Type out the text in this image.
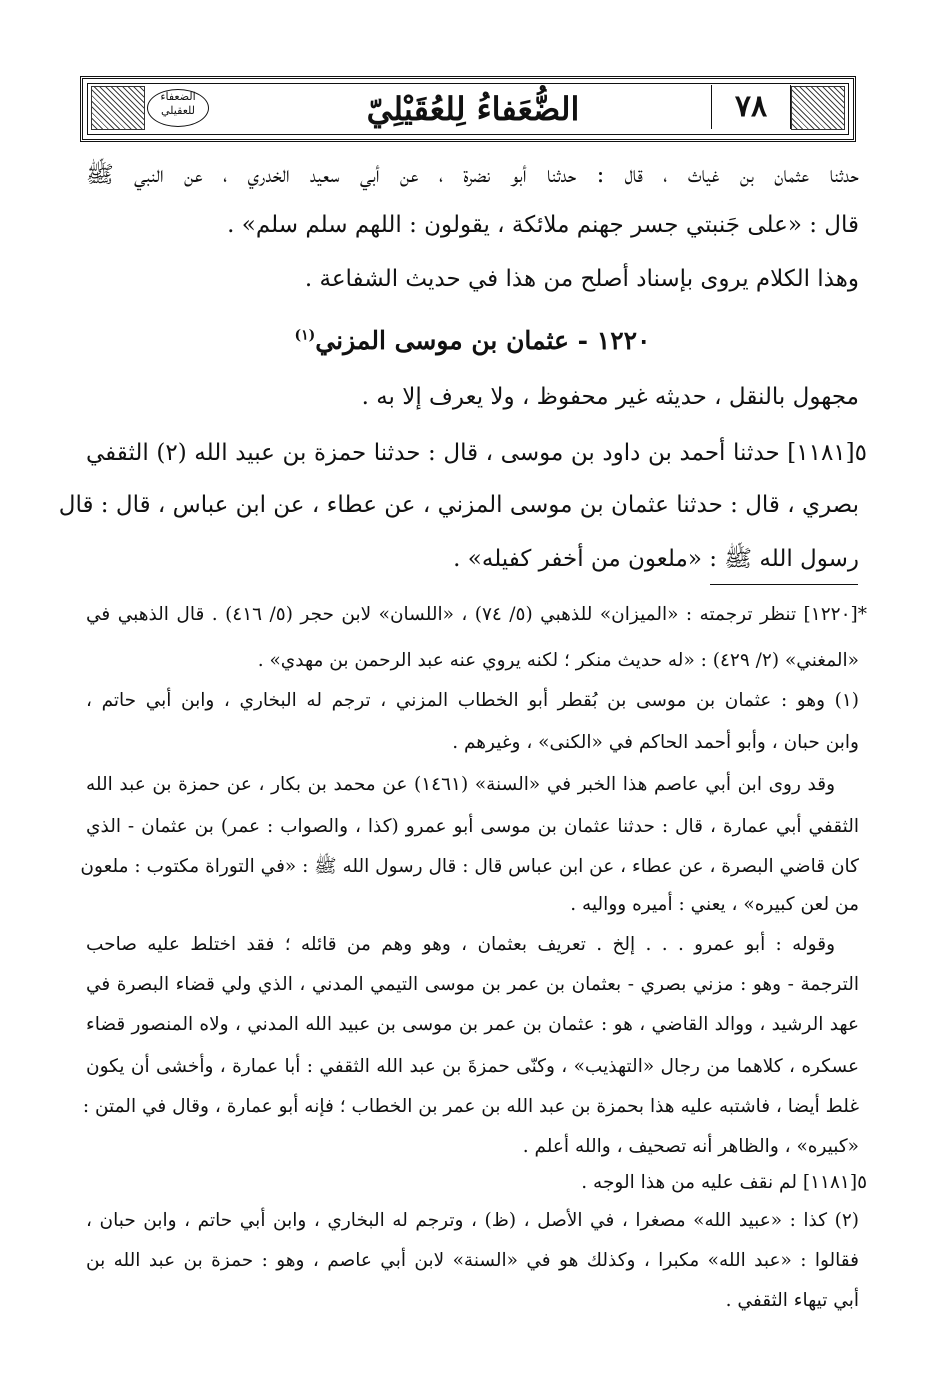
٧٨
الضُّعَفاءُ لِلعُقَيْلِيّ
الضعفاء للعقيلي
حدثنا عثمان بن غياث ، قال : حدثنا أبو نضرة ، عن أبي سعيد الخدري ، عن النبي ﷺ
قال : «على جَنبتي جسر جهنم ملائكة ، يقولون : اللهم سلم سلم» .
وهذا الكلام يروى بإسناد أصلح من هذا في حديث الشفاعة .
١٢٢٠ - عثمان بن موسى المزني$^{(١)}$
مجهول بالنقل ، حديثه غير محفوظ ، ولا يعرف إلا به .
٥[١١٨١] حدثنا أحمد بن داود بن موسى ، قال : حدثنا حمزة بن عبيد الله (٢) الثقفي
بصري ، قال : حدثنا عثمان بن موسى المزني ، عن عطاء ، عن ابن عباس ، قال : قال
رسول الله ﷺ : «ملعون من أخفر كفيله» .
*[١٢٢٠] تنظر ترجمته : «الميزان» للذهبي (٥/ ٧٤) ، «اللسان» لابن حجر (٥/ ٤١٦) . قال الذهبي في
«المغني» (٢/ ٤٢٩) : «له حديث منكر ؛ لكنه يروي عنه عبد الرحمن بن مهدي» .
(١) وهو : عثمان بن موسى بن بُقطر أبو الخطاب المزني ، ترجم له البخاري ، وابن أبي حاتم ،
وابن حبان ، وأبو أحمد الحاكم في «الكنى» ، وغيرهم .
وقد روى ابن أبي عاصم هذا الخبر في «السنة» (١٤٦١) عن محمد بن بكار ، عن حمزة بن عبد الله
الثقفي أبي عمارة ، قال : حدثنا عثمان بن موسى أبو عمرو (كذا ، والصواب : عمر) بن عثمان - الذي
كان قاضي البصرة ، عن عطاء ، عن ابن عباس قال : قال رسول الله ﷺ : «في التوراة مكتوب : ملعون
من لعن كبيره» ، يعني : أميره وواليه .
وقوله : أبو عمرو . . . إلخ . تعريف بعثمان ، وهو وهم من قائله ؛ فقد اختلط عليه صاحب
الترجمة - وهو : مزني بصري - بعثمان بن عمر بن موسى التيمي المدني ، الذي ولي قضاء البصرة في
عهد الرشيد ، ووالد القاضي ، هو : عثمان بن عمر بن موسى بن عبيد الله المدني ، ولاه المنصور قضاء
عسكره ، كلاهما من رجال «التهذيب» ، وكنّى حمزةَ بن عبد الله الثقفي : أبا عمارة ، وأخشى أن يكون
غلط أيضا ، فاشتبه عليه هذا بحمزة بن عبد الله بن عمر بن الخطاب ؛ فإنه أبو عمارة ، وقال في المتن :
«كبيره» ، والظاهر أنه تصحيف ، والله أعلم .
٥[١١٨١] لم نقف عليه من هذا الوجه .
(٢) كذا : «عبيد الله» مصغرا ، في الأصل ، (ظ) ، وترجم له البخاري ، وابن أبي حاتم ، وابن حبان ،
فقالوا : «عبد الله» مكبرا ، وكذلك هو في «السنة» لابن أبي عاصم ، وهو : حمزة بن عبد الله بن
أبي تيهاء الثقفي .
